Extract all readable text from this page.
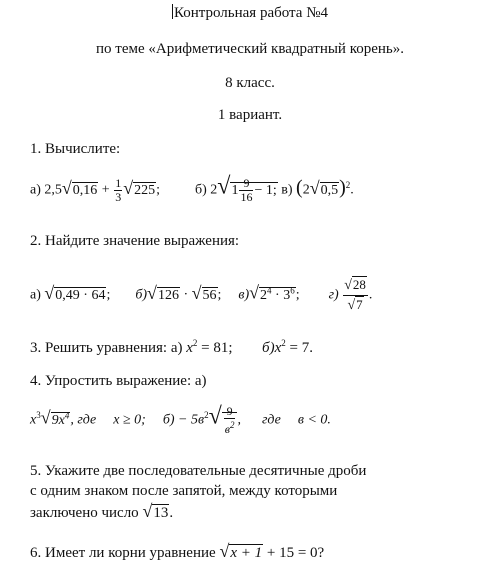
Контрольная работа №4
по теме «Арифметический квадратный корень».
8 класс.
1 вариант.
1. Вычислите:
а) $2,5√0,16 + \frac{1}{3} √225$;	б) $2√1 \frac{9}{16} - 1$; в) $(2√0,5)^2$.
2. Найдите значение выражения:
а) √0,49 · 64; б)√126 · √56; $в)√2^4 \cdot 3^6$; $г) \frac{√28}{√7}$ .
3. Решить уравнения: а) $x^2 = 81$; $б)x^2 = 7$.
4. Упростить выражение: а)
$x^3√9x^4$, где x ≥ 0; $б) - 5в^2√ \frac{9}{в^2}$ , где в < 0.
5. Укажите две последовательные десятичные дроби
с одним знаком после запятой, между которыми
заключено число √13.
6. Имеет ли корни уравнение √x + 1 + 15 = 0?
